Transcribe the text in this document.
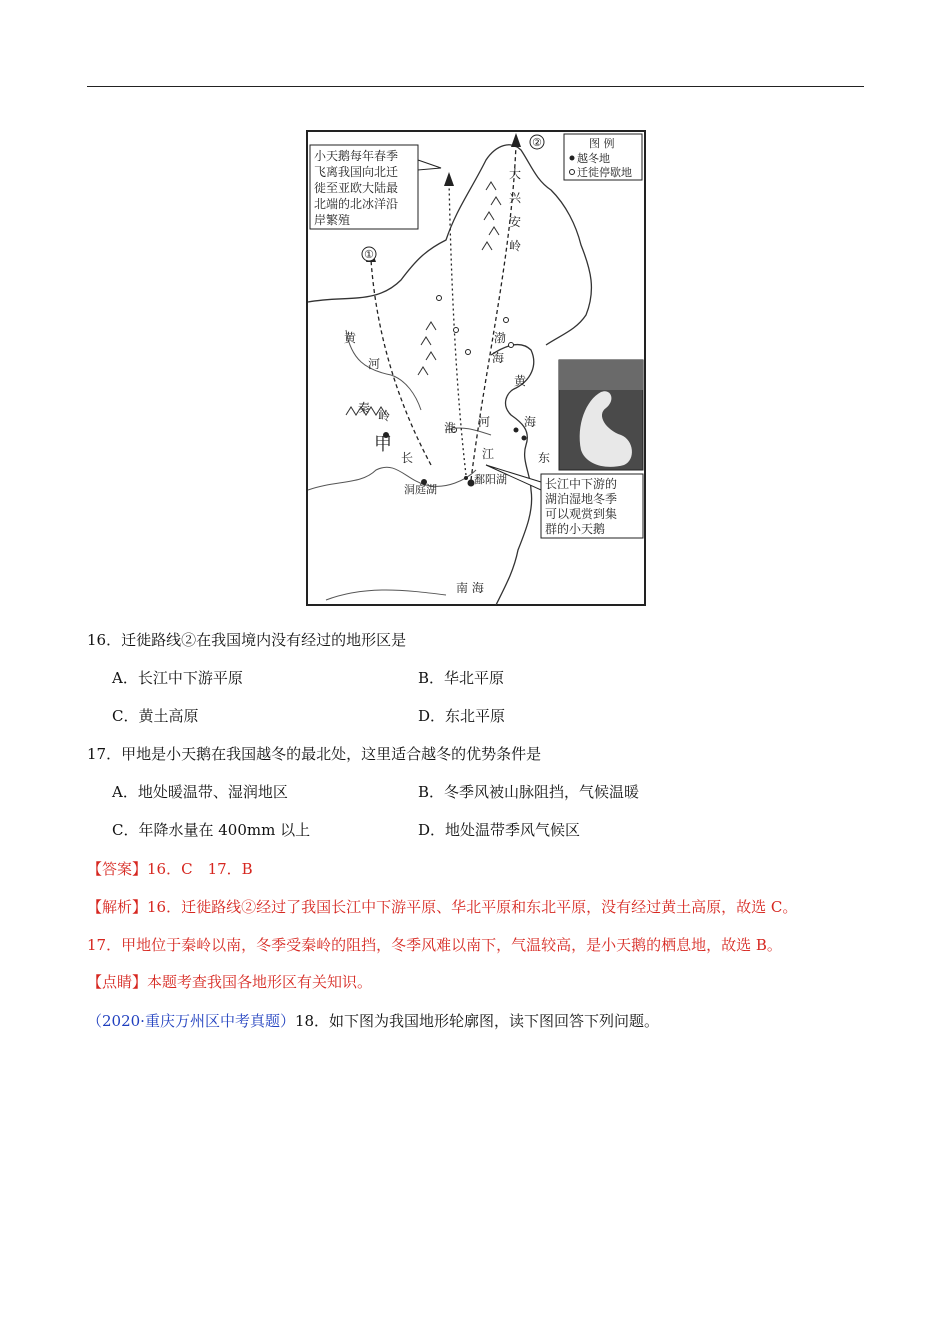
小天鹅每年春季
飞离我国向北迁
徙至亚欧大陆最
北端的北冰洋沿
岸繁殖
图 例
越冬地
迁徙停歇地
②
①
长江中下游的
湖泊湿地冬季
可以观赏到集
群的小天鹅
甲
洞庭湖
鄱阳湖
南 海
黄
河
秦
岭
淮 河
长	江
渤
海
黄
海
东
大
兴
安
岭
16．迁徙路线②在我国境内没有经过的地形区是
A．长江中下游平原	B．华北平原
C．黄土高原	D．东北平原
17．甲地是小天鹅在我国越冬的最北处，这里适合越冬的优势条件是
A．地处暖温带、湿润地区	B．冬季风被山脉阻挡，气候温暖
C．年降水量在 400mm 以上	D．地处温带季风气候区
【答案】16．C　17．B
【解析】16．迁徙路线②经过了我国长江中下游平原、华北平原和东北平原，没有经过黄土高原，故选 C。
17．甲地位于秦岭以南，冬季受秦岭的阻挡，冬季风难以南下，气温较高，是小天鹅的栖息地，故选 B。
【点睛】本题考查我国各地形区有关知识。
（2020·重庆万州区中考真题）18．如下图为我国地形轮廓图，读下图回答下列问题。
